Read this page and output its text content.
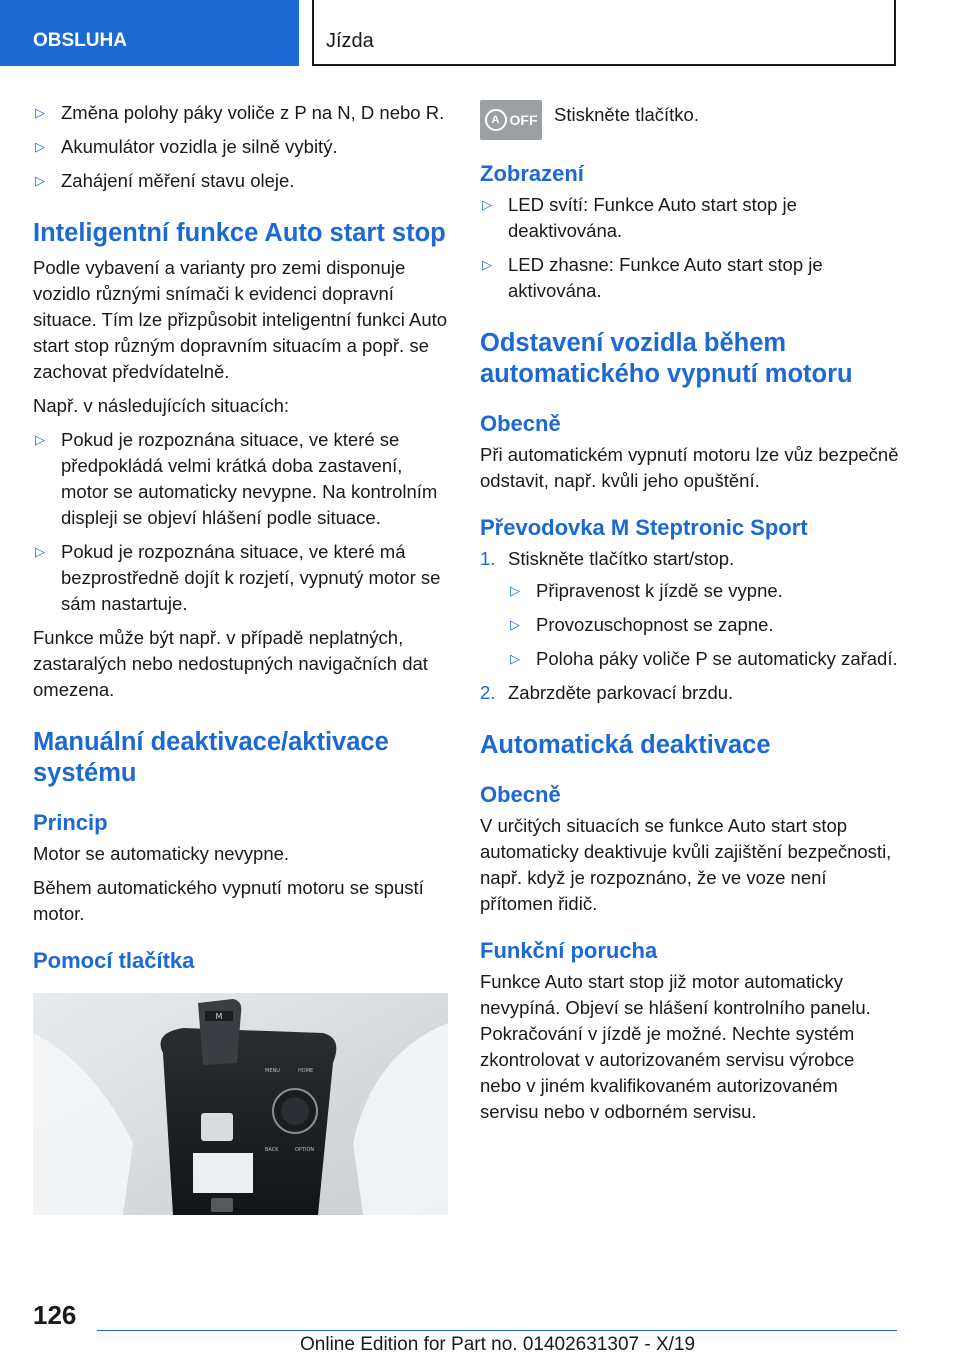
OBSLUHA	Jízda
▷ Změna polohy páky voliče z P na N, D nebo R.
▷ Akumulátor vozidla je silně vybitý.
▷ Zahájení měření stavu oleje.
Inteligentní funkce Auto start stop

Podle vybavení a varianty pro zemi disponuje vozidlo různými snímači k evidenci dopravní situace. Tím lze přizpůsobit inteligentní funkci Auto start stop různým dopravním situacím a popř. se zachovat předvídatelně.

Např. v následujících situacích:

▷ Pokud je rozpoznána situace, ve které se předpokládá velmi krátká doba zastavení, motor se automaticky nevypne. Na kontrolním displeji se objeví hlášení podle situace.
▷ Pokud je rozpoznána situace, ve které má bezprostředně dojít k rozjetí, vypnutý motor se sám nastartuje.

Funkce může být např. v případě neplatných, zastaralých nebo nedostupných navigačních dat omezena.

Manuální deaktivace/aktivace systému
Princip

Motor se automaticky nevypne.

Během automatického vypnutí motoru se spustí motor.

Pomocí tlačítka
M
MENU	HOME
BACK	OPTION
A OFF Stiskněte tlačítko.

Zobrazení
▷ LED svítí: Funkce Auto start stop je deaktivována.
▷ LED zhasne: Funkce Auto start stop je aktivována.
Odstavení vozidla během automatického vypnutí motoru
Obecně

Při automatickém vypnutí motoru lze vůz bezpečně odstavit, např. kvůli jeho opuštění.

Převodovka M Steptronic Sport
1. Stiskněte tlačítko start/stop.
▷ Připravenost k jízdě se vypne.
▷ Provozuschopnost se zapne.
▷ Poloha páky voliče P se automaticky zařadí.
2. Zabrzděte parkovací brzdu.
Automatická deaktivace
Obecně

V určitých situacích se funkce Auto start stop automaticky deaktivuje kvůli zajištění bezpečnosti, např. když je rozpoznáno, že ve voze není přítomen řidič.

Funkční porucha

Funkce Auto start stop již motor automaticky nevypíná. Objeví se hlášení kontrolního panelu. Pokračování v jízdě je možné. Nechte systém zkontrolovat v autorizovaném servisu výrobce nebo v jiném kvalifikovaném autorizovaném servisu nebo v odborném servisu.

126
Online Edition for Part no. 01402631307 - X/19
